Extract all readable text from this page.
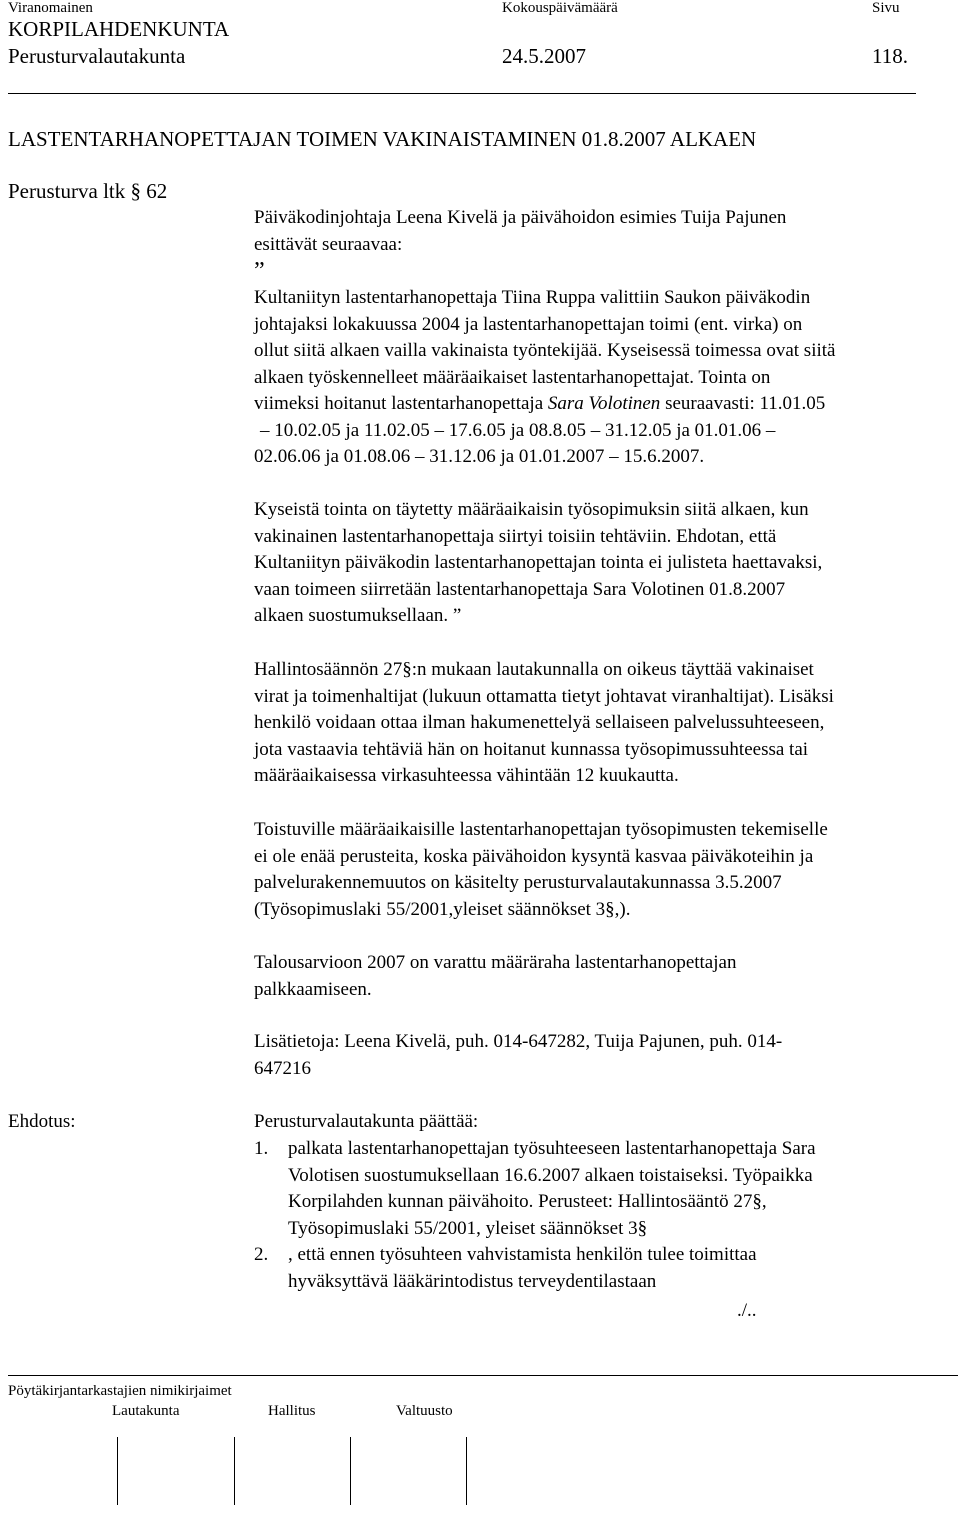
Viranomainen	Kokouspäivämäärä	Sivu
KORPILAHDENKUNTA
Perusturvalautakunta	24.5.2007	118.
LASTENTARHANOPETTAJAN TOIMEN VAKINAISTAMINEN 01.8.2007 ALKAEN
Perusturva ltk § 62
Päiväkodinjohtaja Leena Kivelä ja päivähoidon esimies Tuija Pajunen
esittävät seuraavaa:
”
Kultaniityn lastentarhanopettaja Tiina Ruppa valittiin Saukon päiväkodin
johtajaksi lokakuussa 2004 ja lastentarhanopettajan toimi (ent. virka) on
ollut siitä alkaen vailla vakinaista työntekijää. Kyseisessä toimessa ovat siitä
alkaen työskennelleet määräaikaiset lastentarhanopettajat. Tointa on
viimeksi hoitanut lastentarhanopettaja Sara Volotinen seuraavasti: 11.01.05
– 10.02.05 ja 11.02.05 – 17.6.05 ja 08.8.05 – 31.12.05 ja 01.01.06 –
02.06.06 ja 01.08.06 – 31.12.06 ja 01.01.2007 – 15.6.2007.
Kyseistä tointa on täytetty määräaikaisin työsopimuksin siitä alkaen, kun
vakinainen lastentarhanopettaja siirtyi toisiin tehtäviin. Ehdotan, että
Kultaniityn päiväkodin lastentarhanopettajan tointa ei julisteta haettavaksi,
vaan toimeen siirretään lastentarhanopettaja Sara Volotinen 01.8.2007
alkaen suostumuksellaan. ”
Hallintosäännön 27§:n mukaan lautakunnalla on oikeus täyttää vakinaiset
virat ja toimenhaltijat (lukuun ottamatta tietyt johtavat viranhaltijat). Lisäksi
henkilö voidaan ottaa ilman hakumenettelyä sellaiseen palvelussuhteeseen,
jota vastaavia tehtäviä hän on hoitanut kunnassa työsopimussuhteessa tai
määräaikaisessa virkasuhteessa vähintään 12 kuukautta.
Toistuville määräaikaisille lastentarhanopettajan työsopimusten tekemiselle
ei ole enää perusteita, koska päivähoidon kysyntä kasvaa päiväkoteihin ja
palvelurakennemuutos on käsitelty perusturvalautakunnassa 3.5.2007
(Työsopimuslaki 55/2001,yleiset säännökset 3§,).
Talousarvioon 2007 on varattu määräraha lastentarhanopettajan
palkkaamiseen.
Lisätietoja: Leena Kivelä, puh. 014-647282, Tuija Pajunen, puh. 014-
647216
Ehdotus:	Perusturvalautakunta päättää:
1. palkata lastentarhanopettajan työsuhteeseen lastentarhanopettaja Sara
Volotisen suostumuksellaan 16.6.2007 alkaen toistaiseksi. Työpaikka
Korpilahden kunnan päivähoito. Perusteet: Hallintosääntö 27§,
Työsopimuslaki 55/2001, yleiset säännökset 3§
2. , että ennen työsuhteen vahvistamista henkilön tulee toimittaa
hyväksyttävä lääkärintodistus terveydentilastaan
./..
Pöytäkirjantarkastajien nimikirjaimet
Lautakunta	Hallitus	Valtuusto
